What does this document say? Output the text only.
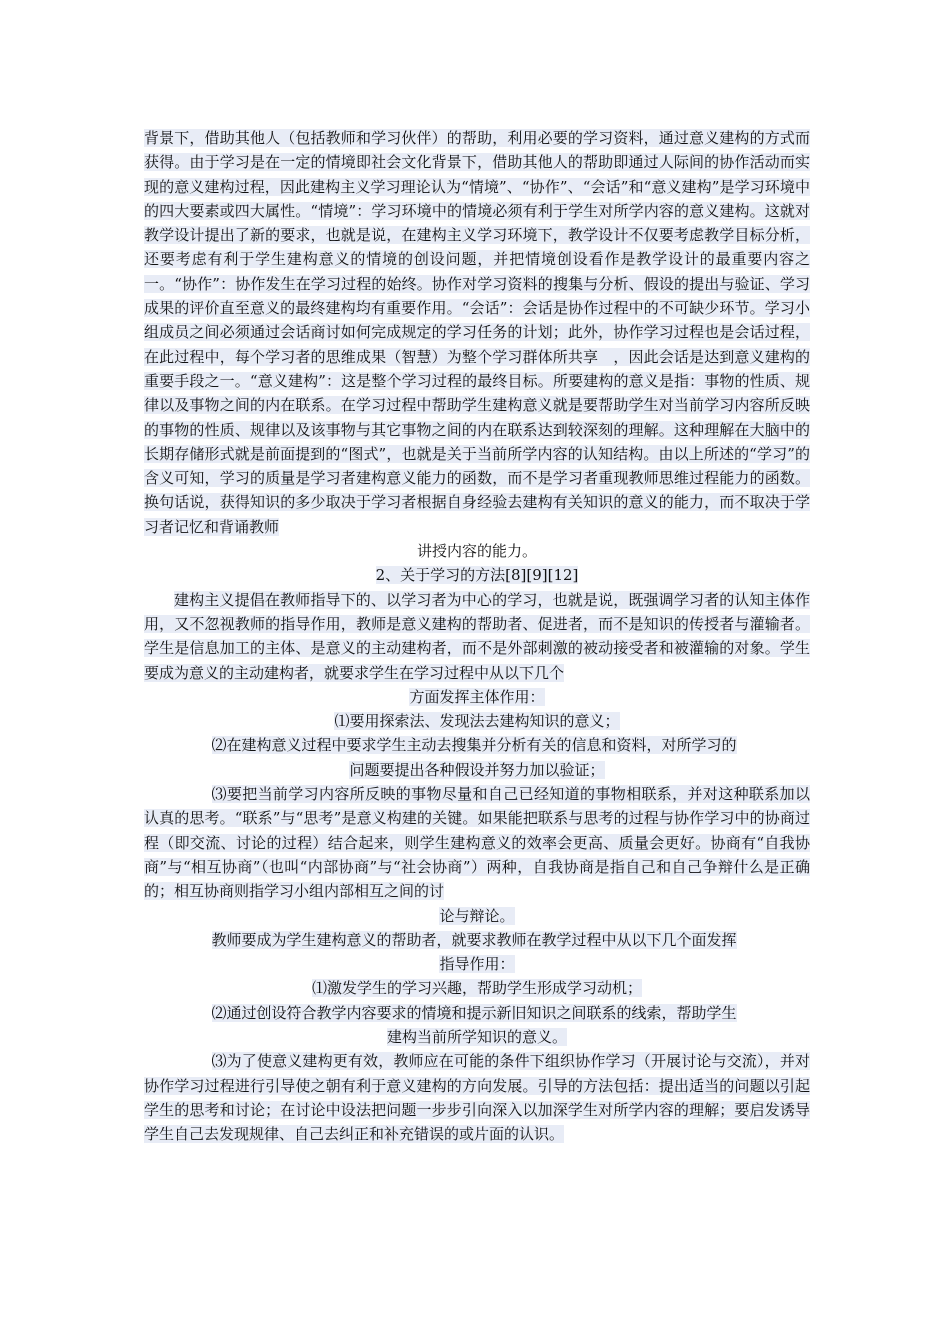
背景下，借助其他人（包括教师和学习伙伴）的帮助，利用必要的学习资料，通过意义建构的方式而获得。由于学习是在一定的情境即社会文化背景下，借助其他人的帮助即通过人际间的协作活动而实现的意义建构过程，因此建构主义学习理论认为“情境”、“协作”、“会话”和“意义建构”是学习环境中的四大要素或四大属性。“情境”：学习环境中的情境必须有利于学生对所学内容的意义建构。这就对教学设计提出了新的要求，也就是说，在建构主义学习环境下，教学设计不仅要考虑教学目标分析，还要考虑有利于学生建构意义的情境的创设问题，并把情境创设看作是教学设计的最重要内容之一。“协作”：协作发生在学习过程的始终。协作对学习资料的搜集与分析、假设的提出与验证、学习成果的评价直至意义的最终建构均有重要作用。“会话”：会话是协作过程中的不可缺少环节。学习小组成员之间必须通过会话商讨如何完成规定的学习任务的计划；此外，协作学习过程也是会话过程，在此过程中，每个学习者的思维成果（智慧）为整个学习群体所共享　，因此会话是达到意义建构的重要手段之一。“意义建构”：这是整个学习过程的最终目标。所要建构的意义是指：事物的性质、规律以及事物之间的内在联系。在学习过程中帮助学生建构意义就是要帮助学生对当前学习内容所反映的事物的性质、规律以及该事物与其它事物之间的内在联系达到较深刻的理解。这种理解在大脑中的长期存储形式就是前面提到的“图式”，也就是关于当前所学内容的认知结构。由以上所述的“学习”的含义可知，学习的质量是学习者建构意义能力的函数，而不是学习者重现教师思维过程能力的函数。换句话说，获得知识的多少取决于学习者根据自身经验去建构有关知识的意义的能力，而不取决于学习者记忆和背诵教师

讲授内容的能力。

2、关于学习的方法[8][9][12]

建构主义提倡在教师指导下的、以学习者为中心的学习，也就是说，既强调学习者的认知主体作用，又不忽视教师的指导作用，教师是意义建构的帮助者、促进者，而不是知识的传授者与灌输者。学生是信息加工的主体、是意义的主动建构者，而不是外部刺激的被动接受者和被灌输的对象。学生要成为意义的主动建构者，就要求学生在学习过程中从以下几个

方面发挥主体作用：

⑴要用探索法、发现法去建构知识的意义；

⑵在建构意义过程中要求学生主动去搜集并分析有关的信息和资料，对所学习的

问题要提出各种假设并努力加以验证；

⑶要把当前学习内容所反映的事物尽量和自己已经知道的事物相联系，并对这种联系加以认真的思考。“联系”与“思考”是意义构建的关键。如果能把联系与思考的过程与协作学习中的协商过程（即交流、讨论的过程）结合起来，则学生建构意义的效率会更高、质量会更好。协商有“自我协商”与“相互协商”（也叫“内部协商”与“社会协商”）两种，自我协商是指自己和自己争辩什么是正确的；相互协商则指学习小组内部相互之间的讨

论与辩论。

教师要成为学生建构意义的帮助者，就要求教师在教学过程中从以下几个面发挥

指导作用：

⑴激发学生的学习兴趣，帮助学生形成学习动机；

⑵通过创设符合教学内容要求的情境和提示新旧知识之间联系的线索，帮助学生

建构当前所学知识的意义。

⑶为了使意义建构更有效，教师应在可能的条件下组织协作学习（开展讨论与交流），并对协作学习过程进行引导使之朝有利于意义建构的方向发展。引导的方法包括：提出适当的问题以引起学生的思考和讨论；在讨论中设法把问题一步步引向深入以加深学生对所学内容的理解；要启发诱导学生自己去发现规律、自己去纠正和补充错误的或片面的认识。
